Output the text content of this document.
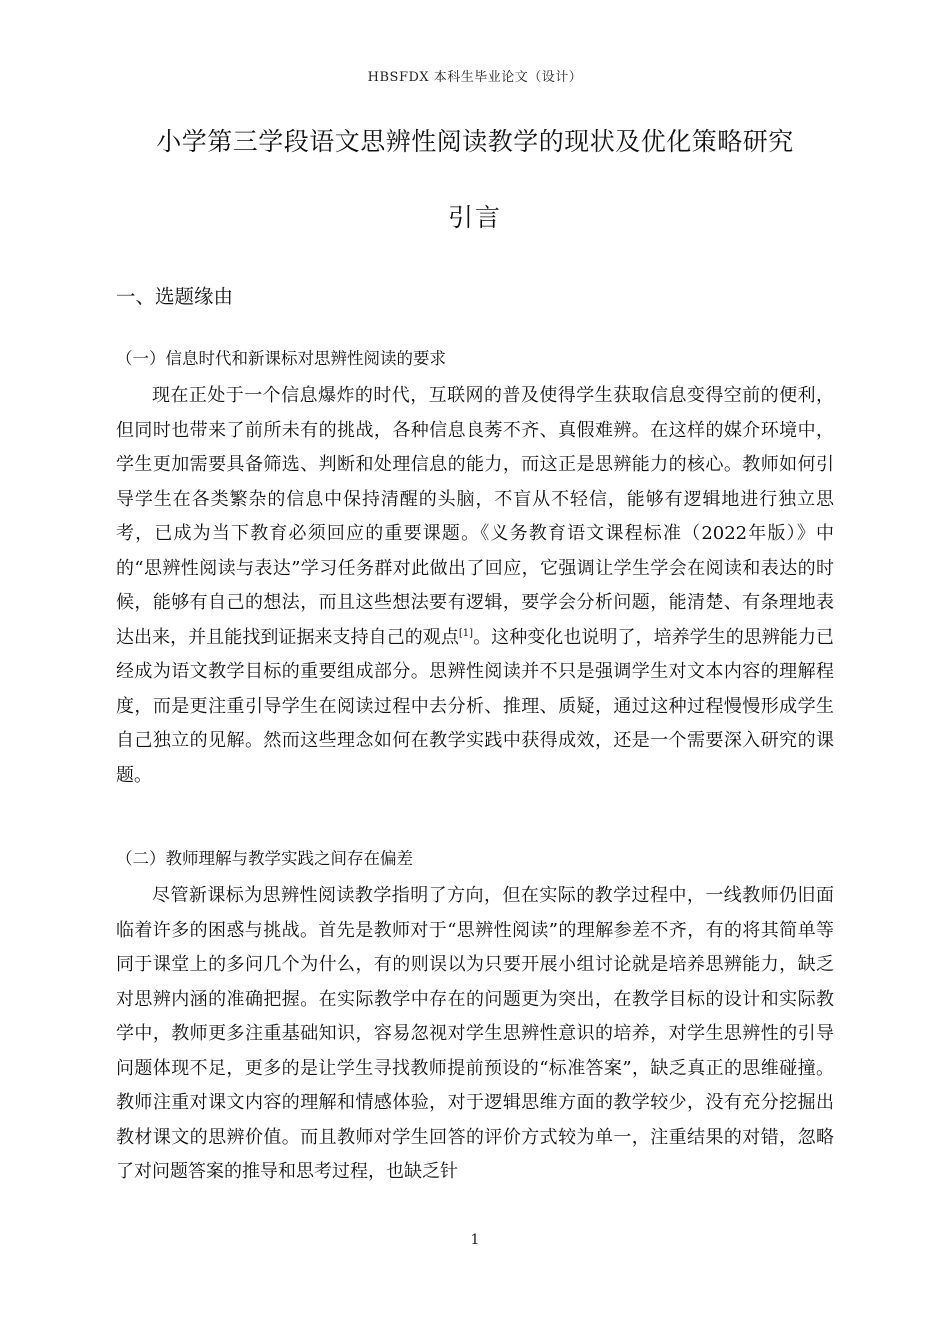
HBSFDX 本科生毕业论文（设计）
小学第三学段语文思辨性阅读教学的现状及优化策略研究
引言
一、选题缘由
（一）信息时代和新课标对思辨性阅读的要求

现在正处于一个信息爆炸的时代，互联网的普及使得学生获取信息变得空前的便利，但同时也带来了前所未有的挑战，各种信息良莠不齐、真假难辨。在这样的媒介环境中，学生更加需要具备筛选、判断和处理信息的能力，而这正是思辨能力的核心。教师如何引导学生在各类繁杂的信息中保持清醒的头脑，不盲从不轻信，能够有逻辑地进行独立思考，已成为当下教育必须回应的重要课题。《义务教育语文课程标准（2022年版）》中的“思辨性阅读与表达”学习任务群对此做出了回应，它强调让学生学会在阅读和表达的时候，能够有自己的想法，而且这些想法要有逻辑，要学会分析问题，能清楚、有条理地表达出来，并且能找到证据来支持自己的观点[1]。这种变化也说明了，培养学生的思辨能力已经成为语文教学目标的重要组成部分。思辨性阅读并不只是强调学生对文本内容的理解程度，而是更注重引导学生在阅读过程中去分析、推理、质疑，通过这种过程慢慢形成学生自己独立的见解。然而这些理念如何在教学实践中获得成效，还是一个需要深入研究的课题。

（二）教师理解与教学实践之间存在偏差

尽管新课标为思辨性阅读教学指明了方向，但在实际的教学过程中，一线教师仍旧面临着许多的困惑与挑战。首先是教师对于“思辨性阅读”的理解参差不齐，有的将其简单等同于课堂上的多问几个为什么，有的则误以为只要开展小组讨论就是培养思辨能力，缺乏对思辨内涵的准确把握。在实际教学中存在的问题更为突出，在教学目标的设计和实际教学中，教师更多注重基础知识，容易忽视对学生思辨性意识的培养，对学生思辨性的引导问题体现不足，更多的是让学生寻找教师提前预设的“标准答案”，缺乏真正的思维碰撞。教师注重对课文内容的理解和情感体验，对于逻辑思维方面的教学较少，没有充分挖掘出教材课文的思辨价值。而且教师对学生回答的评价方式较为单一，注重结果的对错，忽略了对问题答案的推导和思考过程，也缺乏针

1
